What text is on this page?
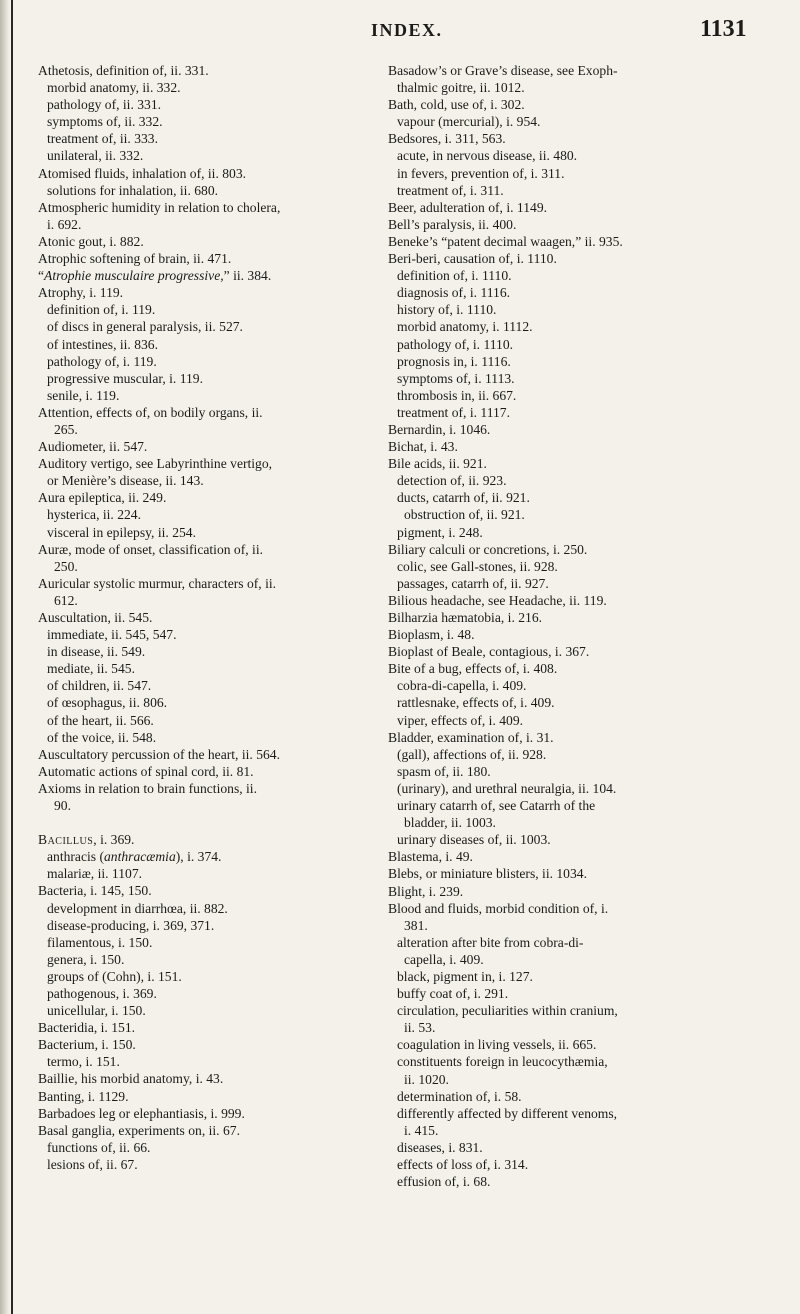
INDEX.	1131
Athetosis, definition of, ii. 331.
morbid anatomy, ii. 332.
pathology of, ii. 331.
symptoms of, ii. 332.
treatment of, ii. 333.
unilateral, ii. 332.
Atomised fluids, inhalation of, ii. 803.
solutions for inhalation, ii. 680.
Atmospheric humidity in relation to cholera,
i. 692.
Atonic gout, i. 882.
Atrophic softening of brain, ii. 471.
“Atrophie musculaire progressive,” ii. 384.
Atrophy, i. 119.
definition of, i. 119.
of discs in general paralysis, ii. 527.
of intestines, ii. 836.
pathology of, i. 119.
progressive muscular, i. 119.
senile, i. 119.
Attention, effects of, on bodily organs, ii.
265.
Audiometer, ii. 547.
Auditory vertigo, see Labyrinthine vertigo,
or Menière’s disease, ii. 143.
Aura epileptica, ii. 249.
hysterica, ii. 224.
visceral in epilepsy, ii. 254.
Auræ, mode of onset, classification of, ii.
250.
Auricular systolic murmur, characters of, ii.
612.
Auscultation, ii. 545.
immediate, ii. 545, 547.
in disease, ii. 549.
mediate, ii. 545.
of children, ii. 547.
of œsophagus, ii. 806.
of the heart, ii. 566.
of the voice, ii. 548.
Auscultatory percussion of the heart, ii. 564.
Automatic actions of spinal cord, ii. 81.
Axioms in relation to brain functions, ii.
90.
Bacillus, i. 369.
anthracis (anthracæmia), i. 374.
malariæ, ii. 1107.
Bacteria, i. 145, 150.
development in diarrhœa, ii. 882.
disease-producing, i. 369, 371.
filamentous, i. 150.
genera, i. 150.
groups of (Cohn), i. 151.
pathogenous, i. 369.
unicellular, i. 150.
Bacteridia, i. 151.
Bacterium, i. 150.
termo, i. 151.
Baillie, his morbid anatomy, i. 43.
Banting, i. 1129.
Barbadoes leg or elephantiasis, i. 999.
Basal ganglia, experiments on, ii. 67.
functions of, ii. 66.
lesions of, ii. 67.
Basadow’s or Grave’s disease, see Exoph-
thalmic goitre, ii. 1012.
Bath, cold, use of, i. 302.
vapour (mercurial), i. 954.
Bedsores, i. 311, 563.
acute, in nervous disease, ii. 480.
in fevers, prevention of, i. 311.
treatment of, i. 311.
Beer, adulteration of, i. 1149.
Bell’s paralysis, ii. 400.
Beneke’s “patent decimal waagen,” ii. 935.
Beri-beri, causation of, i. 1110.
definition of, i. 1110.
diagnosis of, i. 1116.
history of, i. 1110.
morbid anatomy, i. 1112.
pathology of, i. 1110.
prognosis in, i. 1116.
symptoms of, i. 1113.
thrombosis in, ii. 667.
treatment of, i. 1117.
Bernardin, i. 1046.
Bichat, i. 43.
Bile acids, ii. 921.
detection of, ii. 923.
ducts, catarrh of, ii. 921.
obstruction of, ii. 921.
pigment, i. 248.
Biliary calculi or concretions, i. 250.
colic, see Gall-stones, ii. 928.
passages, catarrh of, ii. 927.
Bilious headache, see Headache, ii. 119.
Bilharzia hæmatobia, i. 216.
Bioplasm, i. 48.
Bioplast of Beale, contagious, i. 367.
Bite of a bug, effects of, i. 408.
cobra-di-capella, i. 409.
rattlesnake, effects of, i. 409.
viper, effects of, i. 409.
Bladder, examination of, i. 31.
(gall), affections of, ii. 928.
spasm of, ii. 180.
(urinary), and urethral neuralgia, ii. 104.
urinary catarrh of, see Catarrh of the
bladder, ii. 1003.
urinary diseases of, ii. 1003.
Blastema, i. 49.
Blebs, or miniature blisters, ii. 1034.
Blight, i. 239.
Blood and fluids, morbid condition of, i.
381.
alteration after bite from cobra-di-
capella, i. 409.
black, pigment in, i. 127.
buffy coat of, i. 291.
circulation, peculiarities within cranium,
ii. 53.
coagulation in living vessels, ii. 665.
constituents foreign in leucocythæmia,
ii. 1020.
determination of, i. 58.
differently affected by different venoms,
i. 415.
diseases, i. 831.
effects of loss of, i. 314.
effusion of, i. 68.
